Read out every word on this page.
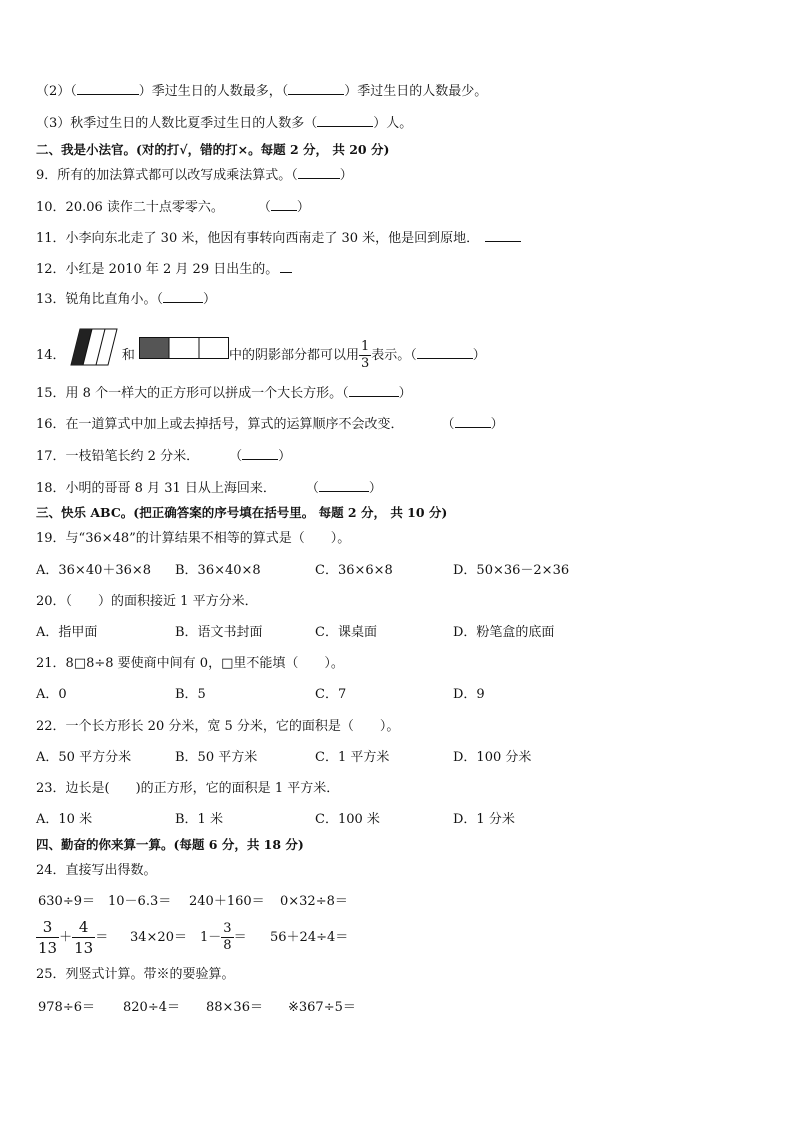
（2）（	）季过生日的人数最多，（	）季过生日的人数最少。
（3）秋季过生日的人数比夏季过生日的人数多（	）人。
二、我是小法官。(对的打√，错的打×。每题 2 分， 共 20 分)
9．所有的加法算式都可以改写成乘法算式。（	）
10．20.06 读作二十点零零六。	（ ）
11．小李向东北走了 30 米，他因有事转向西南走了 30 米，他是回到原地．
12．小红是 2010 年 2 月 29 日出生的。
13．锐角比直角小。（	）
14．	和	中的阴影部分都可以用 $\frac{1}{3}$ 表示。（	）
15．用 8 个一样大的正方形可以拼成一个大长方形。（	）
16．在一道算式中加上或去掉括号，算式的运算顺序不会改变．	（	）
17．一枝铅笔长约 2 分米． （	）
18．小明的哥哥 8 月 31 日从上海回来． （	）
三、快乐 ABC。(把正确答案的序号填在括号里。 每题 2 分， 共 10 分)
19．与“36×48”的计算结果不相等的算式是（　　）。
A．36×40＋36×8 B．36×40×8	C．36×6×8	D．50×36－2×36
20．（　　）的面积接近 1 平方分米．
A．指甲面	B．语文书封面	C．课桌面	D．粉笔盒的底面
21．8□8÷8 要使商中间有 0，□里不能填（　　）。
A．0	B．5	C．7	D．9
22．一个长方形长 20 分米，宽 5 分米，它的面积是（　　）。
A．50 平方分米	B．50 平方米	C．1 平方米	D．100 分米
23．边长是(　　)的正方形，它的面积是 1 平方米．
A．10 米	B．1 米	C．100 米	D．1 分米
四、勤奋的你来算一算。(每题 6 分，共 18 分)
24．直接写出得数。
630÷9＝ 10－6.3＝ 240＋160＝ 0×32÷8＝
$\frac{3}{13} + \frac{4}{13} = 34\times 20= 1- \frac{3}{8} = 56+24\div 4=$
25．列竖式计算。带※的要验算。
978÷6＝ 820÷4＝ 88×36＝ ※367÷5＝
